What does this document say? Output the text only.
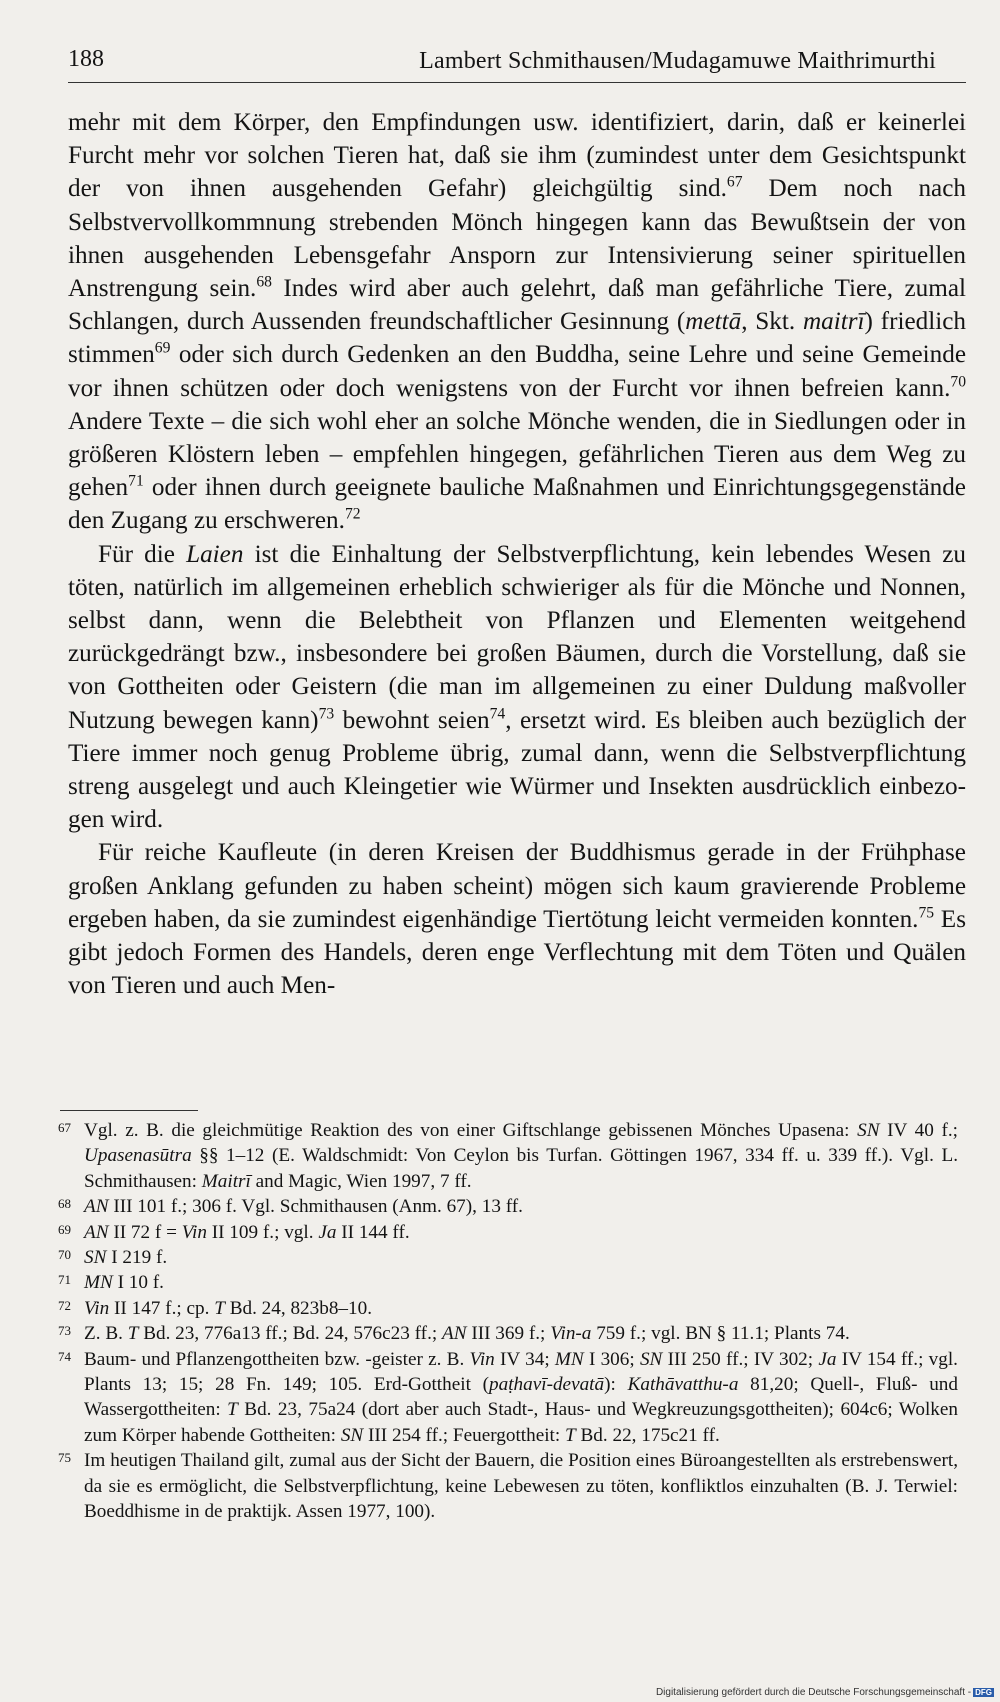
188	Lambert Schmithausen/Mudagamuwe Maithrimurthi

mehr mit dem Körper, den Empfindungen usw. identifiziert, darin, daß er keinerlei Furcht mehr vor solchen Tieren hat, daß sie ihm (zumindest unter dem Gesichtspunkt der von ihnen ausgehenden Gefahr) gleichgültig sind.$^{67}$ Dem noch nach Selbstvervollkommnung strebenden Mönch hingegen kann das Bewußtsein der von ihnen ausgehenden Lebensgefahr Ansporn zur Intensivierung seiner spirituellen Anstrengung sein.$^{68}$ Indes wird aber auch gelehrt, daß man gefährliche Tiere, zumal Schlangen, durch Aussenden freundschaftlicher Gesinnung (mettā, Skt. maitrī) friedlich stimmen$^{69}$ oder sich durch Gedenken an den Buddha, seine Lehre und seine Gemeinde vor ihnen schützen oder doch wenigstens von der Furcht vor ihnen befreien kann.$^{70}$ Andere Texte – die sich wohl eher an solche Mönche wenden, die in Siedlungen oder in größeren Klöstern leben – empfehlen hingegen, gefährlichen Tieren aus dem Weg zu gehen$^{71}$ oder ihnen durch geeignete bauliche Maßnahmen und Einrichtungsgegenstände den Zugang zu erschweren.$^{72}$

Für die Laien ist die Einhaltung der Selbstverpflichtung, kein lebendes Wesen zu töten, natürlich im allgemeinen erheblich schwieriger als für die Mönche und Nonnen, selbst dann, wenn die Belebtheit von Pflanzen und Elementen weitgehend zurückgedrängt bzw., insbesondere bei großen Bäumen, durch die Vorstellung, daß sie von Gottheiten oder Geistern (die man im allgemeinen zu einer Duldung maßvoller Nutzung bewegen kann)$^{73}$ bewohnt seien$^{74}$, ersetzt wird. Es bleiben auch bezüglich der Tiere immer noch genug Probleme übrig, zumal dann, wenn die Selbstverpflichtung streng ausgelegt und auch Kleingetier wie Würmer und Insekten ausdrücklich einbezogen wird.

Für reiche Kaufleute (in deren Kreisen der Buddhismus gerade in der Frühphase großen Anklang gefunden zu haben scheint) mögen sich kaum gravierende Probleme ergeben haben, da sie zumindest eigenhändige Tiertötung leicht vermeiden konnten.$^{75}$ Es gibt jedoch Formen des Handels, deren enge Verflechtung mit dem Töten und Quälen von Tieren und auch Men-

67 Vgl. z. B. die gleichmütige Reaktion des von einer Giftschlange gebissenen Mönches Upasena: SN IV 40 f.; Upasenasūtra §§ 1–12 (E. Waldschmidt: Von Ceylon bis Turfan. Göttingen 1967, 334 ff. u. 339 ff.). Vgl. L. Schmithausen: Maitrī and Magic, Wien 1997, 7 ff.

68 AN III 101 f.; 306 f. Vgl. Schmithausen (Anm. 67), 13 ff.

69 AN II 72 f = Vin II 109 f.; vgl. Ja II 144 ff.

70 SN I 219 f.

71 MN I 10 f.

72 Vin II 147 f.; cp. T Bd. 24, 823b8–10.

73 Z. B. T Bd. 23, 776a13 ff.; Bd. 24, 576c23 ff.; AN III 369 f.; Vin-a 759 f.; vgl. BN § 11.1; Plants 74.

74 Baum- und Pflanzengottheiten bzw. -geister z. B. Vin IV 34; MN I 306; SN III 250 ff.; IV 302; Ja IV 154 ff.; vgl. Plants 13; 15; 28 Fn. 149; 105. Erd-Gottheit (paṭhavī-devatā): Kathāvatthu-a 81,20; Quell-, Fluß- und Wassergottheiten: T Bd. 23, 75a24 (dort aber auch Stadt-, Haus- und Wegkreuzungsgottheiten); 604c6; Wolken zum Körper habende Gottheiten: SN III 254 ff.; Feuergottheit: T Bd. 22, 175c21 ff.

75 Im heutigen Thailand gilt, zumal aus der Sicht der Bauern, die Position eines Büroangestellten als erstrebenswert, da sie es ermöglicht, die Selbstverpflichtung, keine Lebewesen zu töten, konfliktlos einzuhalten (B. J. Terwiel: Boeddhisme in de praktijk. Assen 1977, 100).

Digitalisierung gefördert durch die Deutsche Forschungsgemeinschaft - DFG
